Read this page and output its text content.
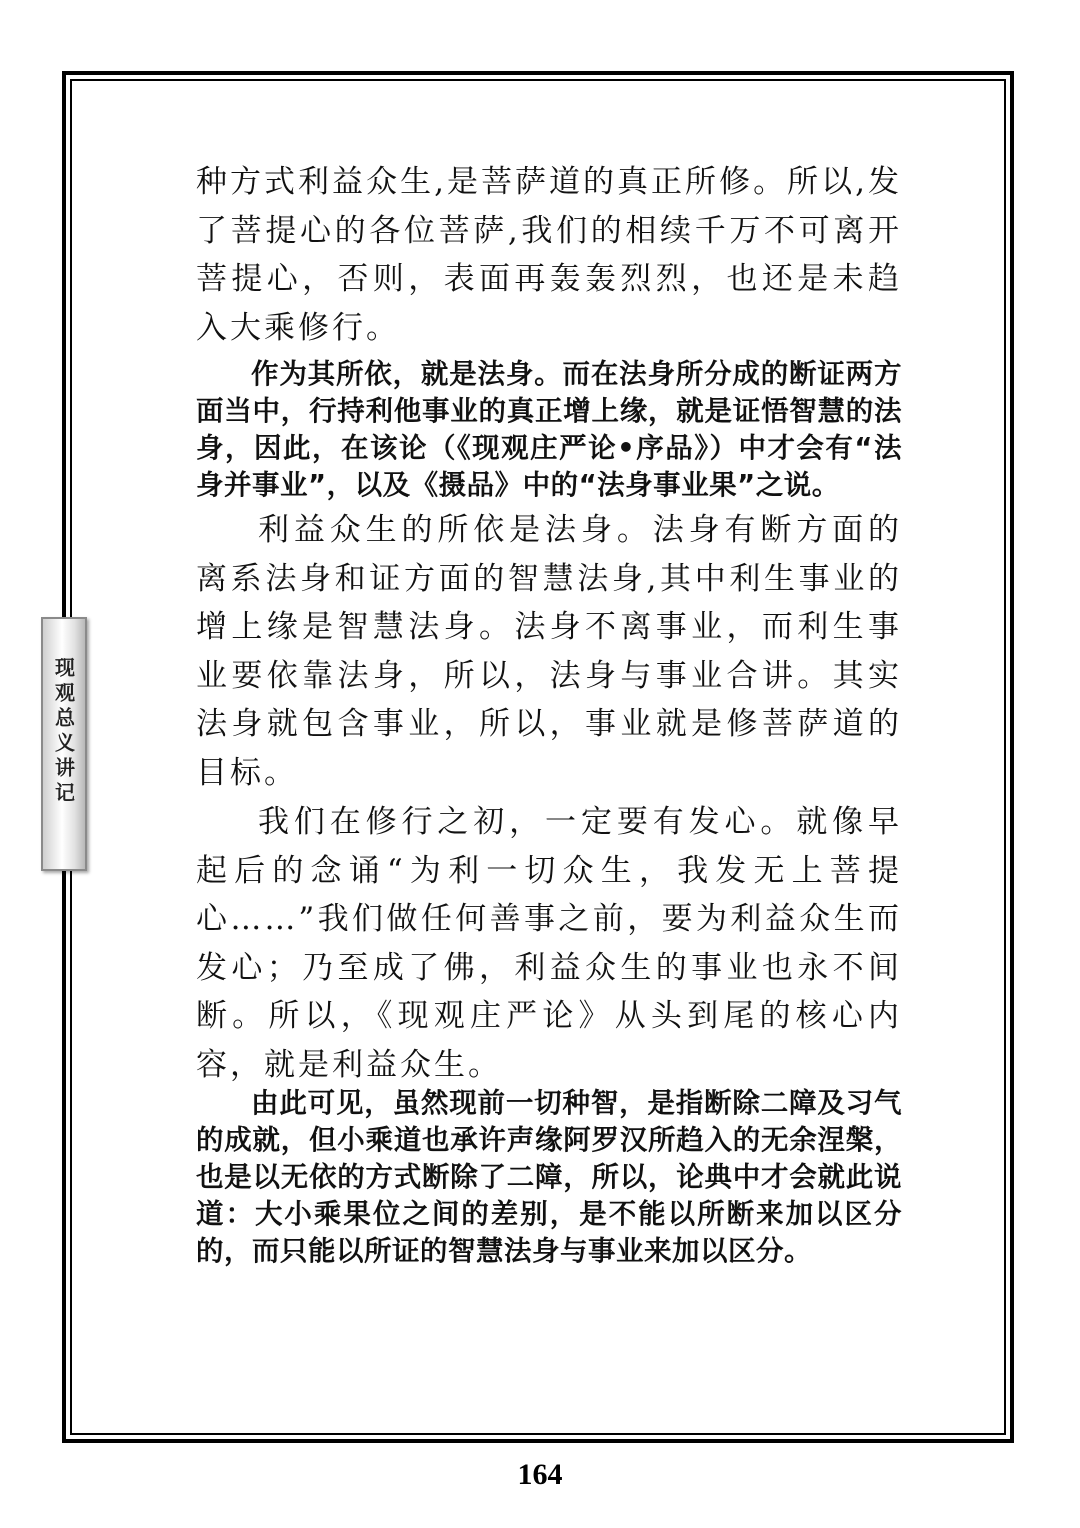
现观总义讲记

种方式利益众生,是菩萨道的真正所修。所以,发了菩提心的各位菩萨,我们的相续千万不可离开菩提心，否则，表面再轰轰烈烈，也还是未趋入大乘修行。

作为其所依，就是法身。而在法身所分成的断证两方面当中，行持利他事业的真正增上缘，就是证悟智慧的法身，因此，在该论（《现观庄严论•序品》）中才会有“法身并事业”，以及《摄品》中的“法身事业果”之说。

利益众生的所依是法身。法身有断方面的离系法身和证方面的智慧法身,其中利生事业的增上缘是智慧法身。法身不离事业，而利生事业要依靠法身，所以，法身与事业合讲。其实法身就包含事业，所以，事业就是修菩萨道的目标。

我们在修行之初，一定要有发心。就像早起后的念诵“为利一切众生，我发无上菩提心……”我们做任何善事之前，要为利益众生而发心；乃至成了佛，利益众生的事业也永不间断。所以，《现观庄严论》从头到尾的核心内容，就是利益众生。

由此可见，虽然现前一切种智，是指断除二障及习气的成就，但小乘道也承许声缘阿罗汉所趋入的无余涅槃，也是以无依的方式断除了二障，所以，论典中才会就此说道：大小乘果位之间的差别，是不能以所断来加以区分的，而只能以所证的智慧法身与事业来加以区分。

164
